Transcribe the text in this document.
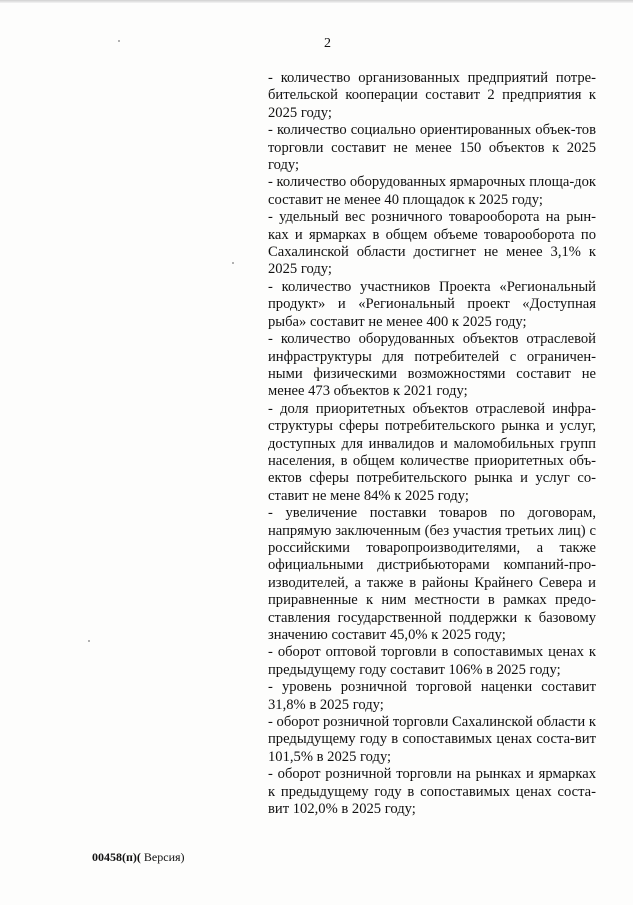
2

- количество организованных предприятий потре-бительской кооперации составит 2 предприятия к 2025 году;

- количество социально ориентированных объек-тов торговли составит не менее 150 объектов к 2025 году;

- количество оборудованных ярмарочных площа-док составит не менее 40 площадок к 2025 году;

- удельный вес розничного товарооборота на рын-ках и ярмарках в общем объеме товарооборота по Сахалинской области достигнет не менее 3,1% к 2025 году;

- количество участников Проекта «Региональный продукт» и «Региональный проект «Доступная рыба» составит не менее 400 к 2025 году;

- количество оборудованных объектов отраслевой инфраструктуры для потребителей с ограничен-ными физическими возможностями составит не менее 473 объектов к 2021 году;

- доля приоритетных объектов отраслевой инфра-структуры сферы потребительского рынка и услуг, доступных для инвалидов и маломобильных групп населения, в общем количестве приоритетных объ-ектов сферы потребительского рынка и услуг со-ставит не мене 84% к 2025 году;

- увеличение поставки товаров по договорам, напрямую заключенным (без участия третьих лиц) с российскими товаропроизводителями, а также официальными дистрибьюторами компаний-про-изводителей, а также в районы Крайнего Севера и приравненные к ним местности в рамках предо-ставления государственной поддержки к базовому значению составит 45,0% к 2025 году;

- оборот оптовой торговли в сопоставимых ценах к предыдущему году составит 106% в 2025 году;

- уровень розничной торговой наценки составит 31,8% в 2025 году;

- оборот розничной торговли Сахалинской области к предыдущему году в сопоставимых ценах соста-вит 101,5% в 2025 году;

- оборот розничной торговли на рынках и ярмарках к предыдущему году в сопоставимых ценах соста-вит 102,0% в 2025 году;

00458(п)( Версия)
